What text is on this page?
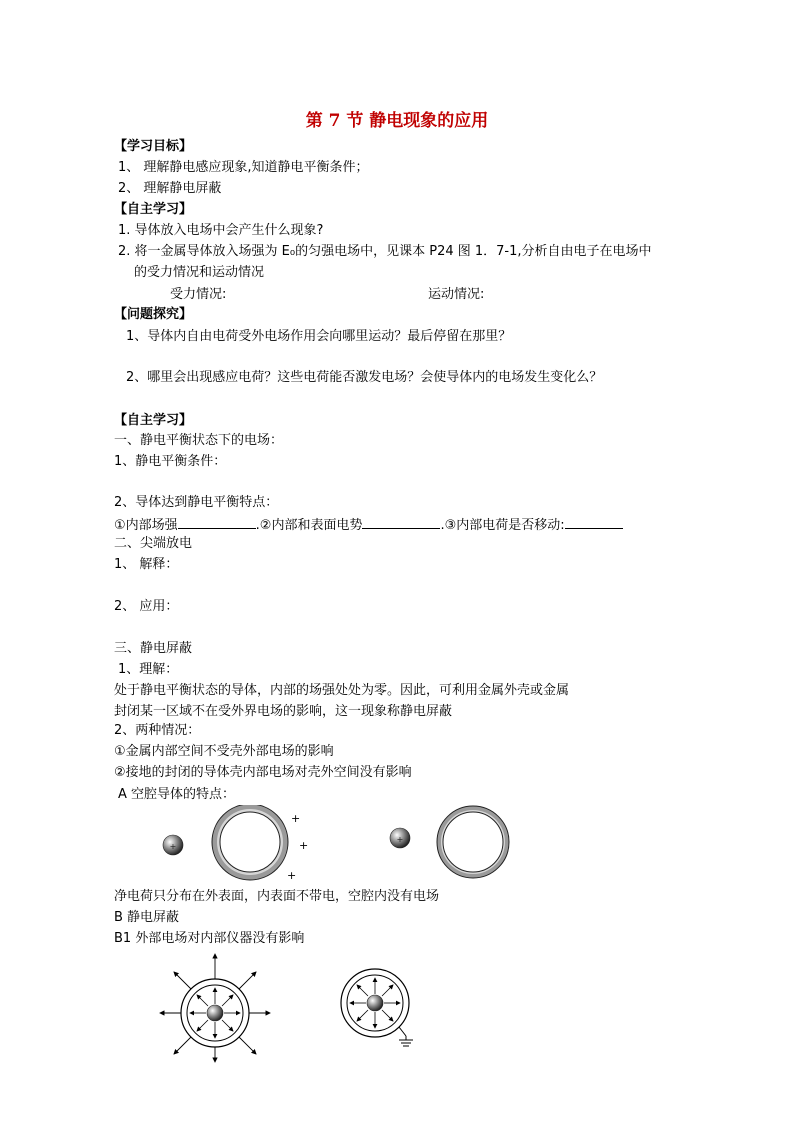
第 7 节 静电现象的应用
【学习目标】
1、 理解静电感应现象,知道静电平衡条件；
2、 理解静电屏蔽
【自主学习】
1. 导体放入电场中会产生什么现象?
2. 将一金属导体放入场强为 E₀的匀强电场中，见课本 P24 图 1．7-1,分析自由电子在电场中
的受力情况和运动情况
受力情况:	运动情况:
【问题探究】
1、导体内自由电荷受外电场作用会向哪里运动？最后停留在那里？
2、哪里会出现感应电荷？这些电荷能否激发电场？会使导体内的电场发生变化么？
【自主学习】
一、静电平衡状态下的电场：
1、静电平衡条件：
2、导体达到静电平衡特点：
①内部场强	.②内部和表面电势	.③内部电荷是否移动:
二、尖端放电
1、 解释：
2、 应用：
三、静电屏蔽
1、理解：
处于静电平衡状态的导体，内部的场强处处为零。因此，可利用金属外壳或金属
封闭某一区域不在受外界电场的影响，这一现象称静电屏蔽
2、两种情况：
①金属内部空间不受壳外部电场的影响
②接地的封闭的导体壳内部电场对壳外空间没有影响
A 空腔导体的特点：
+
+
+
+
+
净电荷只分布在外表面，内表面不带电，空腔内没有电场
B 静电屏蔽
B1 外部电场对内部仪器没有影响
